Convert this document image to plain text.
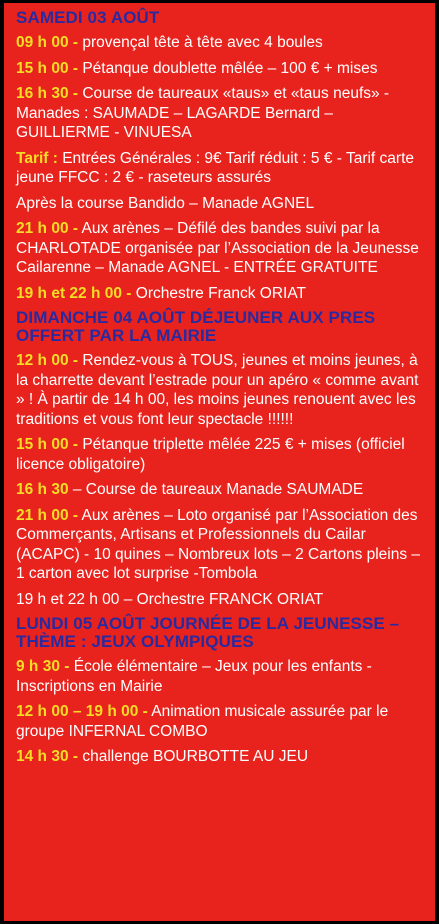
SAMEDI 03 AOÛT
09 h 00 - provençal tête à tête avec 4 boules
15 h 00 - Pétanque doublette mêlée – 100 € + mises
16 h 30 - Course de taureaux «taus» et «taus neufs» - Manades : SAUMADE – LAGARDE Bernard – GUILLIERME - VINUESA
Tarif : Entrées Générales : 9€ Tarif réduit : 5 € - Tarif carte jeune FFCC : 2 € - raseteurs assurés
Après la course Bandido – Manade AGNEL
21 h 00 - Aux arènes – Défilé des bandes suivi par la CHARLOTADE organisée par l’Association de la Jeunesse Cailarenne – Manade AGNEL - ENTRÉE GRATUITE
19 h et 22 h 00 - Orchestre Franck ORIAT
DIMANCHE 04 AOÛT DÉJEUNER AUX PRES OFFERT PAR LA MAIRIE
12 h 00 - Rendez-vous à TOUS, jeunes et moins jeunes, à la charrette devant l’estrade pour un apéro « comme avant » ! À partir de 14 h 00, les moins jeunes renouent avec les traditions et vous font leur spectacle !!!!!!
15 h 00 - Pétanque triplette mêlée 225 € + mises (officiel licence obligatoire)
16 h 30 – Course de taureaux Manade SAUMADE
21 h 00 - Aux arènes – Loto organisé par l’Association des Commerçants, Artisans et Professionnels du Cailar (ACAPC) - 10 quines – Nombreux lots – 2 Cartons pleins – 1 carton avec lot surprise -Tombola
19 h et 22 h 00 – Orchestre FRANCK ORIAT
LUNDI 05 AOÛT JOURNÉE DE LA JEUNESSE – THÈME : JEUX OLYMPIQUES
9 h 30 - École élémentaire – Jeux pour les enfants - Inscriptions en Mairie
12 h 00 – 19 h 00 - Animation musicale assurée par le groupe INFERNAL COMBO
14 h 30 - challenge BOURBOTTE AU JEU
